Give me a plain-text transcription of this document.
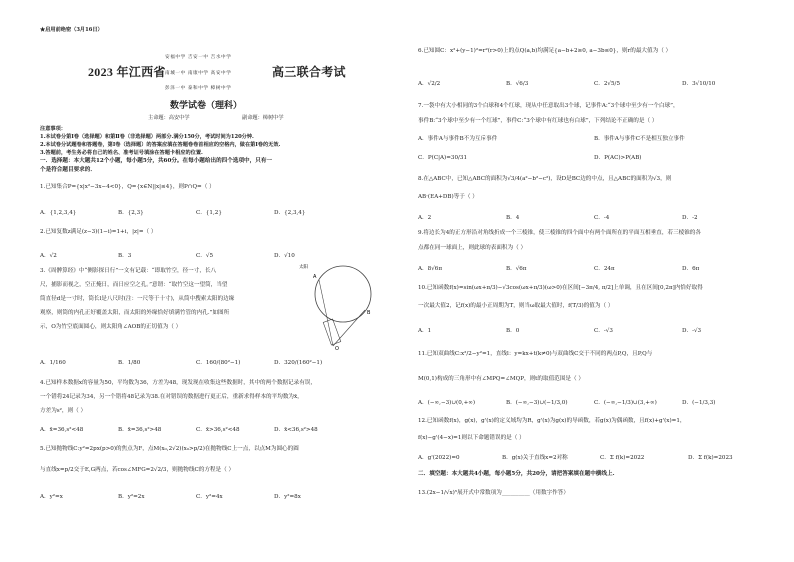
★启用前绝密（3月16日）
安福中学 吉安一中 吉水中学
2023 年江西省 南城一中 南康中学 高安中学	高三联合考试
彭泽一中 泰和中学 樟树中学
数学试卷（理科）
主命题：高安中学	副命题：樟树中学
注意事项：
1.本试卷分第Ⅰ卷（选择题）和第Ⅱ卷（非选择题）两部分.满分150分，考试时间为120分钟.
2.本试卷分试题卷和答题卷，第Ⅰ卷（选择题）的答案应填在答题卷卷首相应的空格内，做在第Ⅰ卷的无效.
3.答题前，考生务必将自己的姓名、准考证号填涂在答题卡相应的位置.
一．选择题：本大题共12个小题，每小题5分，共60分。在每小题给出的四个选项中，只有一
个是符合题目要求的．
1.已知集合P={x|x²−3x−4<0}，Q={x∈N||x|≤4}，则P∩Q=（ ）
A．{1,2,3,4}	B．{2,3}	C．{1,2}	D．{2,3,4}
2.已知复数z满足(z−3)(1−i)=1+i，|z|=（ ）
A．√2	B．3	C．√5	D．√10
3.《周髀算经》中“侧影探日行”一文有记载：“即取竹空，径一寸，长八
尺，捕影而视之，空正掩日，而日应空之孔。”意谓：“取竹空这一望筒，当望
筒直径d是一寸时，筒长l是八尺时(注：一尺等于十寸)，从筒中搜索太阳的边缘
观察，则筒的内孔正好覆盖太阳，而太阳的外缘恰好填满竹管的内孔.”如图所
示，O为竹空底面圆心，则太阳角∠AOB的正切值为（ ）
A
B
O
太阳
A．1/160	B．1/80	C．160/(80²−1)	D．320/(160²−1)
4.已知样本数据x的容量为50，平均数为36，方差为48，现发现在收集这些数据时，其中的两个数据记录有误，
一个错将24记录为34，另一个错将48记录为38.在对错误的数据进行更正后，重新求得样本的平均数为x̄，
方差为s²，则（ ）
A．x̄=36,s²<48	B．x̄=36,s²>48	C．x̄>36,s²<48	D．x̄<36,s²>48
5.已知抛物线C:y²=2px(p>0)的焦点为F，点M(x₀,2√2)(x₀>p/2)在抛物线C上一点，以点M为圆心的圆
与直线x=p/2交于E,G两点，若cos∠MFG=2√2/3，则抛物线C的方程是（ ）
A．y²=x	B．y²=2x	C．y²=4x	D．y²=8x
6.已知圆C：x²+(y−1)²=r²(r>0)上的点Q(a,b)均满足{a−b+2≥0, a−3b≤0}，则r的最大值为（ ）
A．√2/2	B．√6/3	C．2√5/5	D．3√10/10
7.一袋中有大小相同的3个白球和4个红球，现从中任意取出3个球，记事件A:“3个球中至少有一个白球”，
事件B:“3个球中至少有一个红球”，事件C:“3个球中有红球也有白球”，下列结论不正确的是（ ）
A．事件A与事件B不为互斥事件	B．事件A与事件C不是相互独立事件
C．P(C|A)=30/31	D．P(AC)>P(AB)
8.在△ABC中，已知△ABC的面积为√3/4(a²−b²−c²)，设D是BC边的中点，且△ABC的面积为√3，则
AB·(EA+DB)等于（ ）
A．2	B．4	C．-4	D．-2
9.将边长为4的正方形沿对角线折成一个三棱锥，使三棱锥的四个面中有两个面所在的平面互相垂直，若三棱锥的各
点都在同一球面上，则此球的表面积为（ ）
A．8√6π	B．√6π	C．24π	D．6π
10.已知函数f(x)=sin(ωx+π/3)−√3cos(ωx+π/3)(ω>0)在区间[−3π/4, π/2]上单调，且在区间[0,2π]内恰好取得
一次最大值2，记f(x)的最小正周期为T，则当ω取最大值时，f(T/3)的值为（ ）
A．1	B．0	C．-√3	D．-√3
11.已知双曲线C:x²/2−y²=1，直线l：y=kx+t(k≠0)与双曲线C交于不同的两点P,Q，且P,Q与
M(0,1)构成的三角形中有∠MPQ=∠MQP，则t的取值范围是（ ）
A．(−∞,−3)∪(0,+∞)	B．(−∞,−3)∪(−1/3,0)	C．(−∞,−1/3)∪(3,+∞)	D．(−1/3,3)
12.已知函数f(x)，g(x)，g'(x)的定义域均为R，g'(x)为g(x)的导函数，若g(x)为偶函数，且f(x)+g'(x)=1，
f(x)−g'(4−x)=1则以下命题错误的是（ ）
A．g'(2022)=0	B．g(x)关于直线x=2对称	C．Σ f(k)=2022	D．Σ f(k)=2023
二．填空题：本大题共4小题，每小题5分，共20分，请把答案填在题中横线上.
13.(2x−1/√x)⁵展开式中常数项为__________（用数字作答）
